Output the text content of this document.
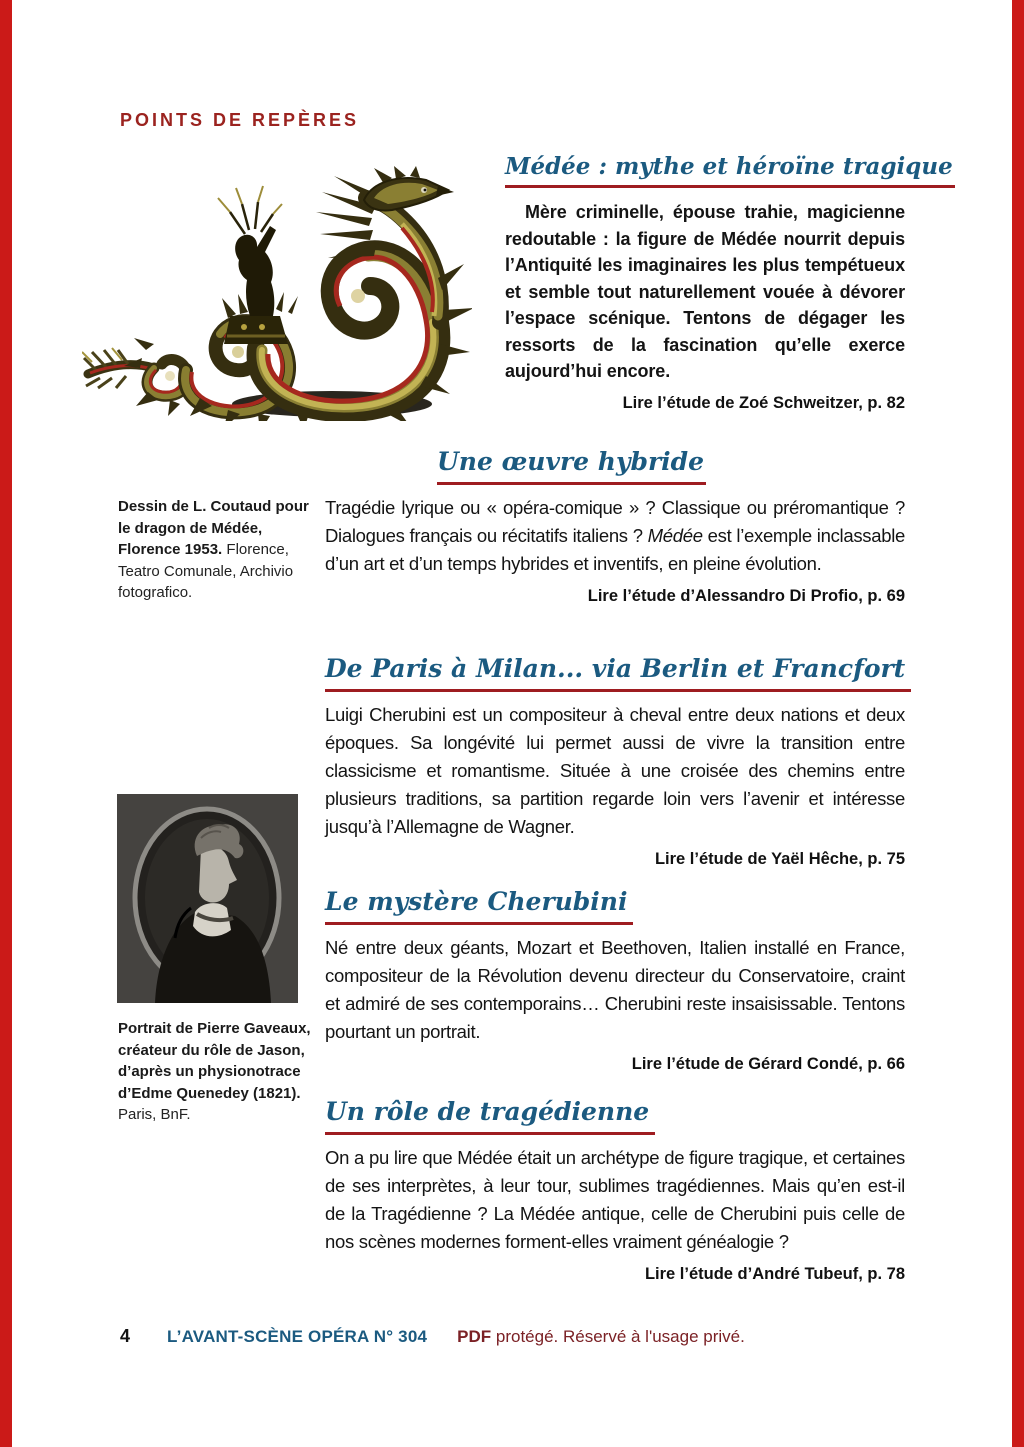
POINTS DE REPÈRES
Médée : mythe et héroïne tragique

Mère criminelle, épouse trahie, magicienne redoutable : la figure de Médée nourrit depuis l’Antiquité les imaginaires les plus tempétueux et semble tout naturellement vouée à dévorer l’espace scénique. Tentons de dégager les ressorts de la fascination qu’elle exerce aujourd’hui encore.

Lire l’étude de Zoé Schweitzer, p. 82
Une œuvre hybride

Tragédie lyrique ou « opéra-comique » ? Classique ou préromantique ? Dialogues français ou récitatifs italiens ? Médée est l’exemple inclassable d’un art et d’un temps hybrides et inventifs, en pleine évolution.

Lire l’étude d’Alessandro Di Profio, p. 69
De Paris à Milan... via Berlin et Francfort

Luigi Cherubini est un compositeur à cheval entre deux nations et deux époques. Sa longévité lui permet aussi de vivre la transition entre classicisme et romantisme. Située à une croisée des chemins entre plusieurs traditions, sa partition regarde loin vers l’avenir et intéresse jusqu’à l’Allemagne de Wagner.

Lire l’étude de Yaël Hêche, p. 75
Le mystère Cherubini

Né entre deux géants, Mozart et Beethoven, Italien installé en France, compositeur de la Révolution devenu directeur du Conservatoire, craint et admiré de ses contemporains… Cherubini reste insaisissable. Tentons pourtant un portrait.

Lire l’étude de Gérard Condé, p. 66
Un rôle de tragédienne

On a pu lire que Médée était un archétype de figure tragique, et certaines de ses interprètes, à leur tour, sublimes tragédiennes. Mais qu’en est-il de la Tragédienne ? La Médée antique, celle de Cherubini puis celle de nos scènes modernes forment-elles vraiment généalogie ?

Lire l’étude d’André Tubeuf, p. 78
Dessin de L. Coutaud pour le dragon de Médée, Florence 1953. Florence, Teatro Comunale, Archivio fotografico.
Portrait de Pierre Gaveaux, créateur du rôle de Jason, d’après un physionotrace d’Edme Quenedey (1821).
Paris, BnF.
4 L’AVANT-SCÈNE OPÉRA N° 304 PDF protégé. Réservé à l'usage privé.
